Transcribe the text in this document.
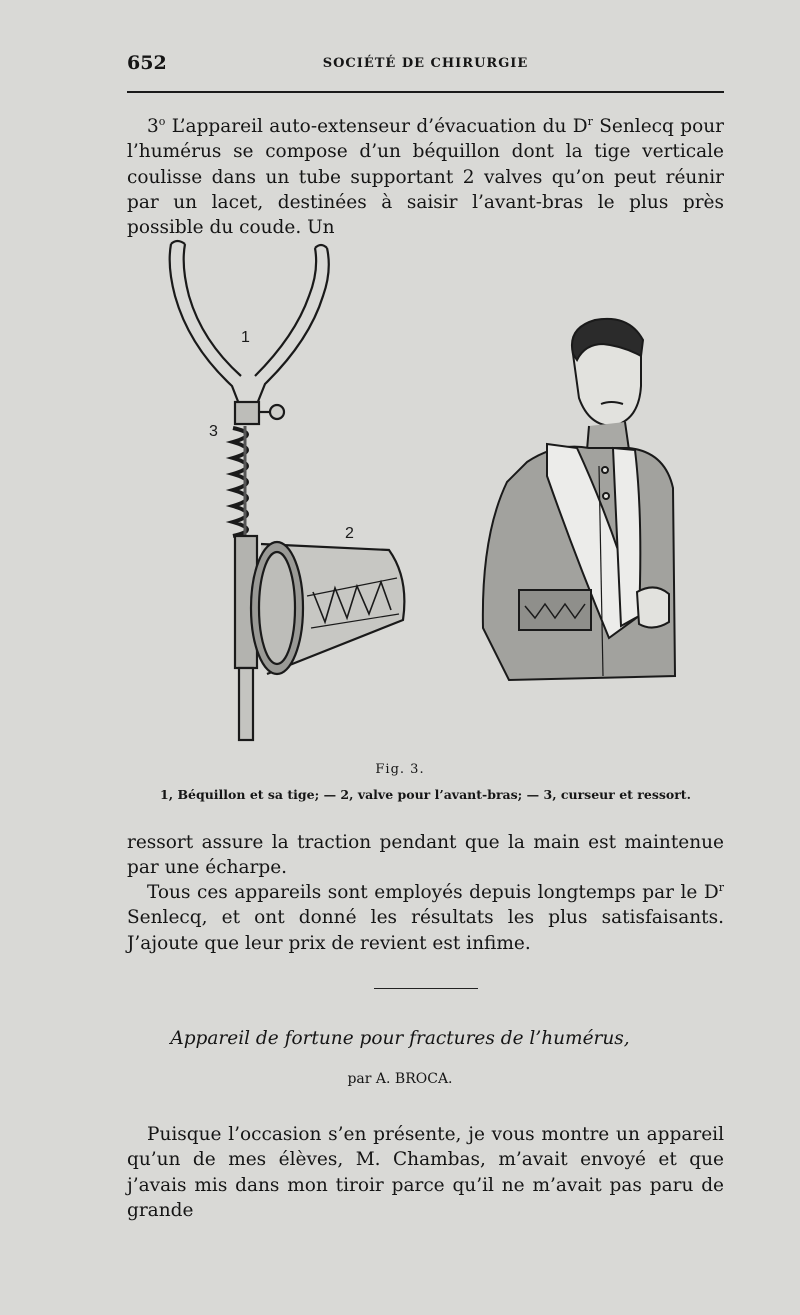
652	SOCIÉTÉ DE CHIRURGIE

3$^o$ L’appareil auto-extenseur d’évacuation du $D^r$ Senlecq pour l’humérus se compose d’un béquillon dont la tige verticale coulisse dans un tube supportant 2 valves qu’on peut réunir par un lacet, destinées à saisir l’avant-bras le plus près possible du coude. Un

1
2
3
Fig. 3.
1, Béquillon et sa tige; — 2, valve pour l’avant-bras; — 3, curseur et ressort.

ressort assure la traction pendant que la main est maintenue par une écharpe.

Tous ces appareils sont employés depuis longtemps par le $D^r$ Senlecq, et ont donné les résultats les plus satisfaisants. J’ajoute que leur prix de revient est infime.

Appareil de fortune pour fractures de l’humérus,
par A. BROCA.

Puisque l’occasion s’en présente, je vous montre un appareil qu’un de mes élèves, M. Chambas, m’avait envoyé et que j’avais mis dans mon tiroir parce qu’il ne m’avait pas paru de grande
